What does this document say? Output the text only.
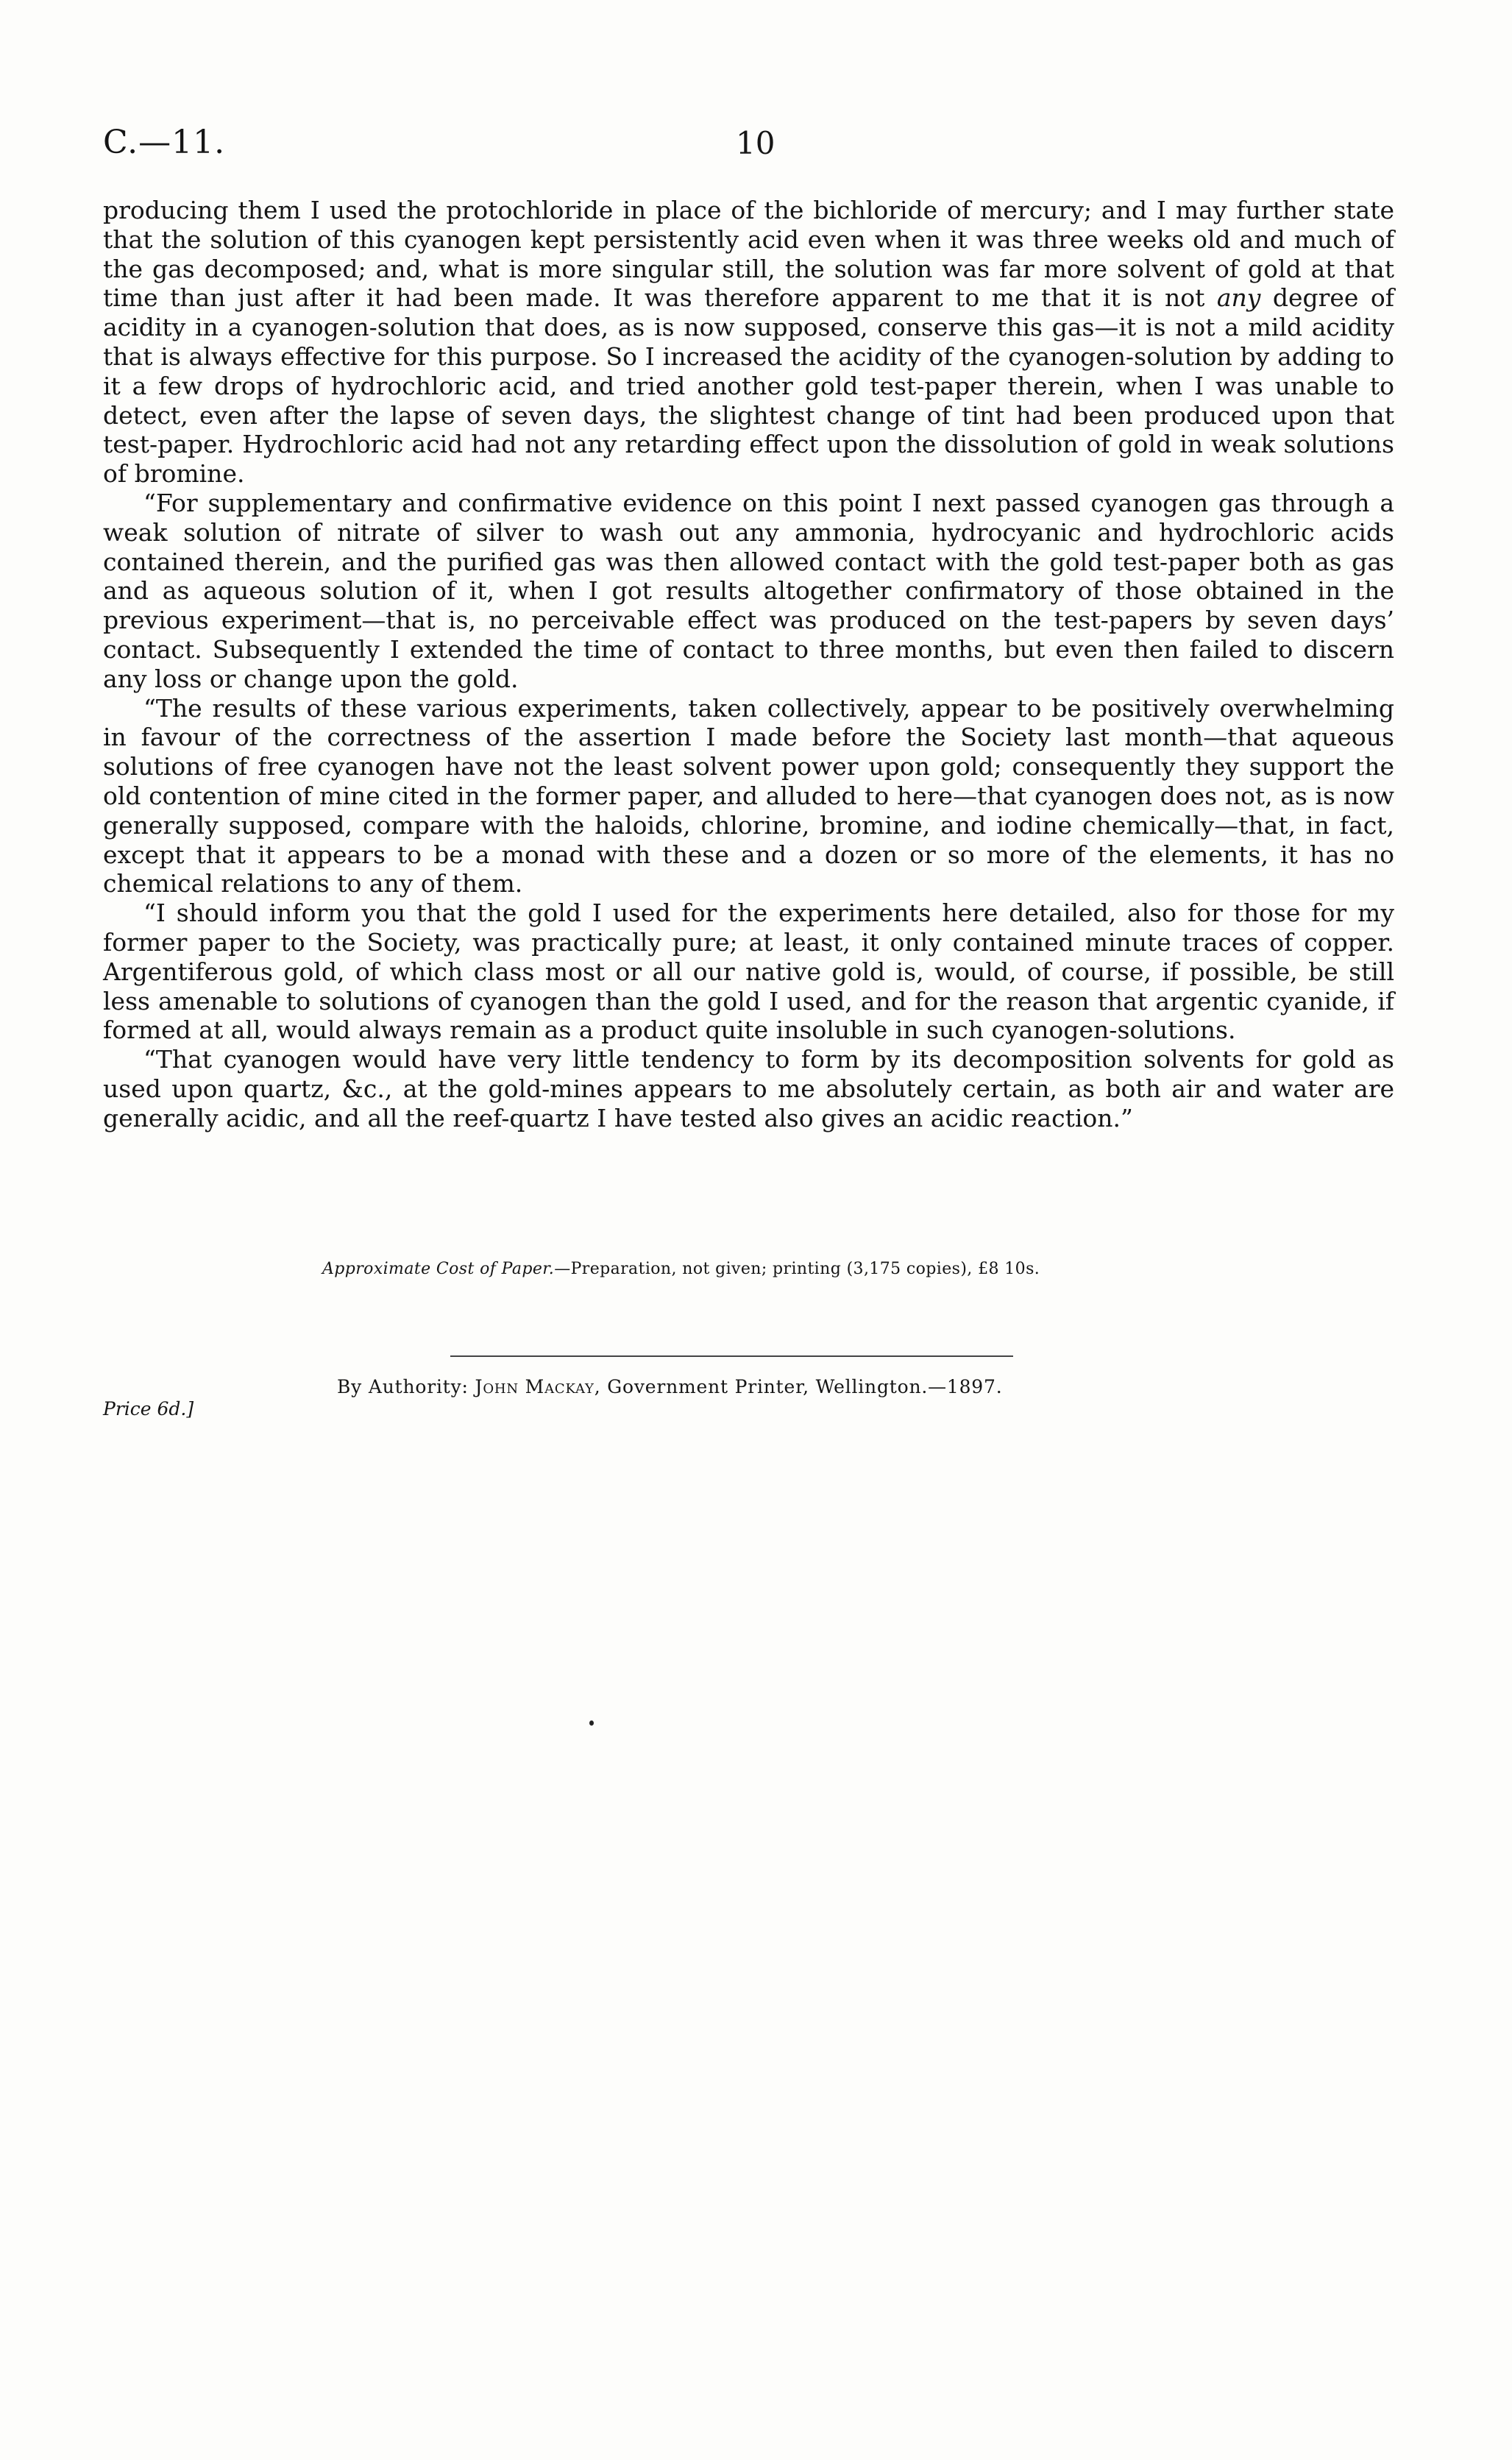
C.—11.	10

producing them I used the protochloride in place of the bichloride of mercury; and I may further state that the solution of this cyanogen kept persistently acid even when it was three weeks old and much of the gas decomposed; and, what is more singular still, the solution was far more solvent of gold at that time than just after it had been made. It was therefore apparent to me that it is not any degree of acidity in a cyanogen-solution that does, as is now supposed, conserve this gas—it is not a mild acidity that is always effective for this purpose. So I increased the acidity of the cyanogen-solution by adding to it a few drops of hydrochloric acid, and tried another gold test-paper therein, when I was unable to detect, even after the lapse of seven days, the slightest change of tint had been produced upon that test-paper. Hydrochloric acid had not any retarding effect upon the dissolution of gold in weak solutions of bromine.

“For supplementary and confirmative evidence on this point I next passed cyanogen gas through a weak solution of nitrate of silver to wash out any ammonia, hydrocyanic and hydrochloric acids contained therein, and the purified gas was then allowed contact with the gold test-paper both as gas and as aqueous solution of it, when I got results altogether confirmatory of those obtained in the previous experiment—that is, no perceivable effect was produced on the test-papers by seven days’ contact. Subsequently I extended the time of contact to three months, but even then failed to discern any loss or change upon the gold.

“The results of these various experiments, taken collectively, appear to be positively overwhelming in favour of the correctness of the assertion I made before the Society last month—that aqueous solutions of free cyanogen have not the least solvent power upon gold; consequently they support the old contention of mine cited in the former paper, and alluded to here—that cyanogen does not, as is now generally supposed, compare with the haloids, chlorine, bromine, and iodine chemically—that, in fact, except that it appears to be a monad with these and a dozen or so more of the elements, it has no chemical relations to any of them.

“I should inform you that the gold I used for the experiments here detailed, also for those for my former paper to the Society, was practically pure; at least, it only contained minute traces of copper. Argentiferous gold, of which class most or all our native gold is, would, of course, if possible, be still less amenable to solutions of cyanogen than the gold I used, and for the reason that argentic cyanide, if formed at all, would always remain as a product quite insoluble in such cyanogen-solutions.

“That cyanogen would have very little tendency to form by its decomposition solvents for gold as used upon quartz, &c., at the gold-mines appears to me absolutely certain, as both air and water are generally acidic, and all the reef-quartz I have tested also gives an acidic reaction.”

Approximate Cost of Paper.—Preparation, not given; printing (3,175 copies), £8 10s.
By Authority: John Mackay, Government Printer, Wellington.—1897.
Price 6d.]
